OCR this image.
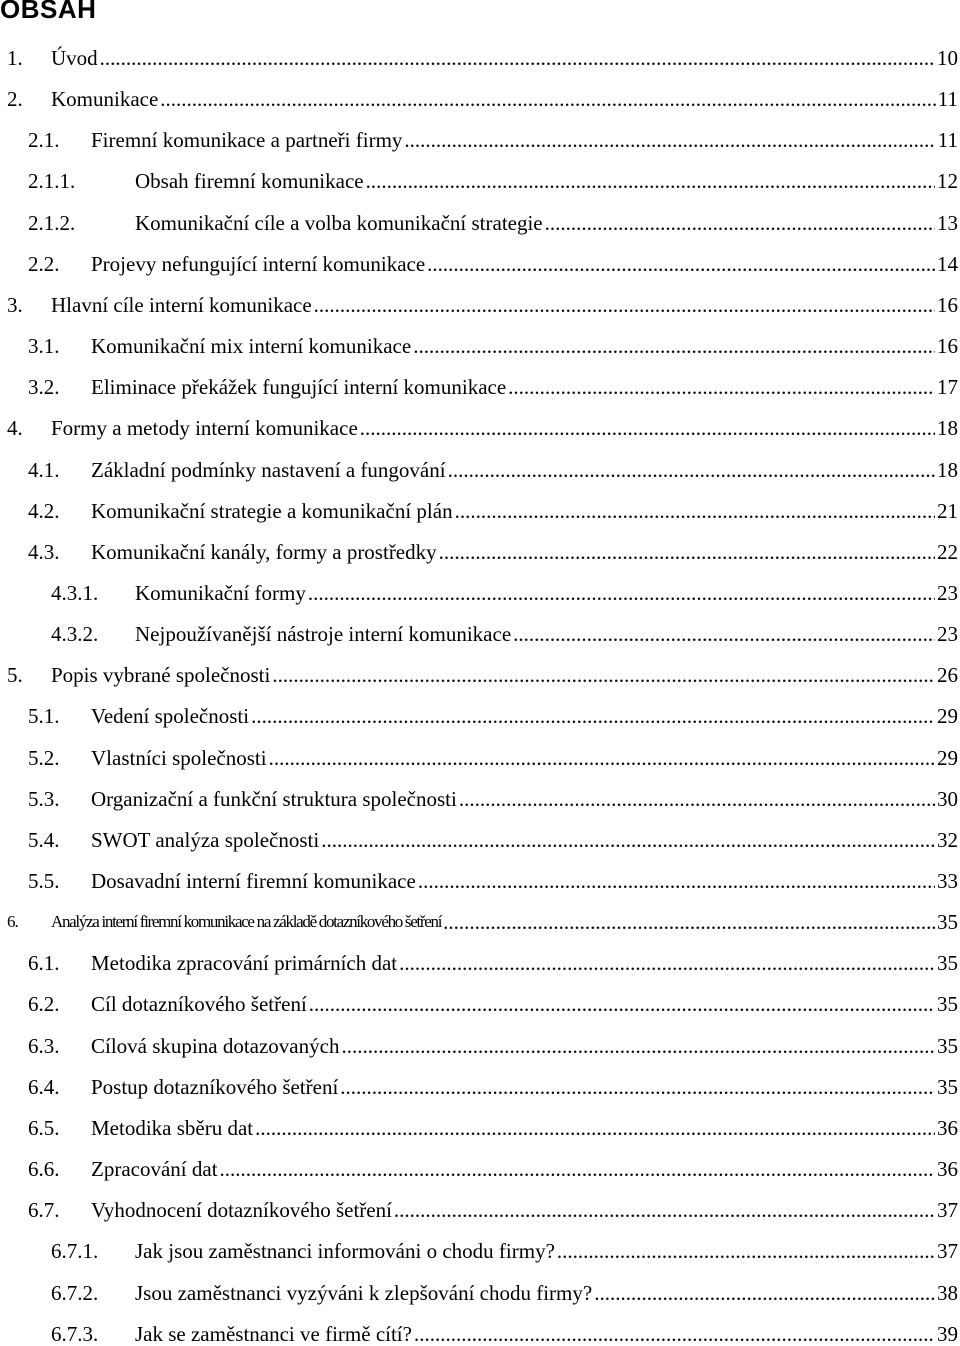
OBSAH
1.	Úvod .....	10
2.	Komunikace .....	11
2.1.	Firemní komunikace a partneři firmy .....	11
2.1.1.	Obsah firemní komunikace .....	12
2.1.2.	Komunikační cíle a volba komunikační strategie .....	13
2.2.	Projevy nefungující interní komunikace .....	14
3.	Hlavní cíle interní komunikace .....	16
3.1.	Komunikační mix interní komunikace .....	16
3.2.	Eliminace překážek fungující interní komunikace .....	17
4.	Formy a metody interní komunikace .....	18
4.1.	Základní podmínky nastavení a fungování .....	18
4.2.	Komunikační strategie a komunikační plán .....	21
4.3.	Komunikační kanály, formy a prostředky .....	22
4.3.1.	Komunikační formy .....	23
4.3.2.	Nejpoužívanější nástroje interní komunikace .....	23
5.	Popis vybrané společnosti .....	26
5.1.	Vedení společnosti .....	29
5.2.	Vlastníci společnosti .....	29
5.3.	Organizační a funkční struktura společnosti .....	30
5.4.	SWOT analýza společnosti .....	32
5.5.	Dosavadní interní firemní komunikace .....	33
6.	Analýza interní firemní komunikace na základě dotazníkového šetření .....	35
6.1.	Metodika zpracování primárních dat .....	35
6.2.	Cíl dotazníkového šetření .....	35
6.3.	Cílová skupina dotazovaných .....	35
6.4.	Postup dotazníkového šetření .....	35
6.5.	Metodika sběru dat .....	36
6.6.	Zpracování dat .....	36
6.7.	Vyhodnocení dotazníkového šetření .....	37
6.7.1.	Jak jsou zaměstnanci informováni o chodu firmy? .....	37
6.7.2.	Jsou zaměstnanci vyzýváni k zlepšování chodu firmy? .....	38
6.7.3.	Jak se zaměstnanci ve firmě cítí? .....	39
